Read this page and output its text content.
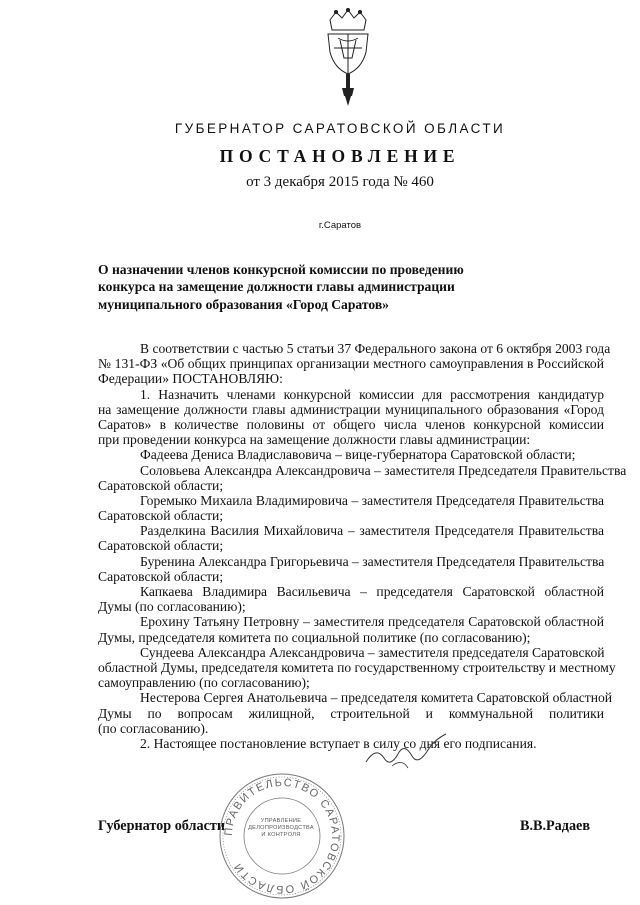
ГУБЕРНАТОР САРАТОВСКОЙ ОБЛАСТИ
ПОСТАНОВЛЕНИЕ
от 3 декабря 2015 года № 460
г.Саратов
О назначении членов конкурсной комиссии по проведению
конкурса на замещение должности главы администрации
муниципального образования «Город Саратов»
В соответствии с частью 5 статьи 37 Федерального закона от 6 октября 2003 года
№ 131-ФЗ «Об общих принципах организации местного самоуправления в Российской
Федерации» ПОСТАНОВЛЯЮ:
1. Назначить членами конкурсной комиссии для рассмотрения кандидатур
на замещение должности главы администрации муниципального образования «Город
Саратов» в количестве половины от общего числа членов конкурсной комиссии
при проведении конкурса на замещение должности главы администрации:
Фадеева Дениса Владиславовича – вице-губернатора Саратовской области;
Соловьева Александра Александровича – заместителя Председателя Правительства
Саратовской области;
Горемыко Михаила Владимировича – заместителя Председателя Правительства
Саратовской области;
Разделкина Василия Михайловича – заместителя Председателя Правительства
Саратовской области;
Буренина Александра Григорьевича – заместителя Председателя Правительства
Саратовской области;
Капкаева Владимира Васильевича – председателя Саратовской областной
Думы (по согласованию);
Ерохину Татьяну Петровну – заместителя председателя Саратовской областной
Думы, председателя комитета по социальной политике (по согласованию);
Сундеева Александра Александровича – заместителя председателя Саратовской
областной Думы, председателя комитета по государственному строительству и местному
самоуправлению (по согласованию);
Нестерова Сергея Анатольевича – председателя комитета Саратовской областной
Думы по вопросам жилищной, строительной и коммунальной политики
(по согласованию).
2. Настоящее постановление вступает в силу со дня его подписания.
Губернатор области
ПРАВИТЕЛЬСТВО САРАТОВСКОЙ ОБЛАСТИ
УПРАВЛЕНИЕ
ДЕЛОПРОИЗВОДСТВА
И КОНТРОЛЯ
В.В.Радаев
